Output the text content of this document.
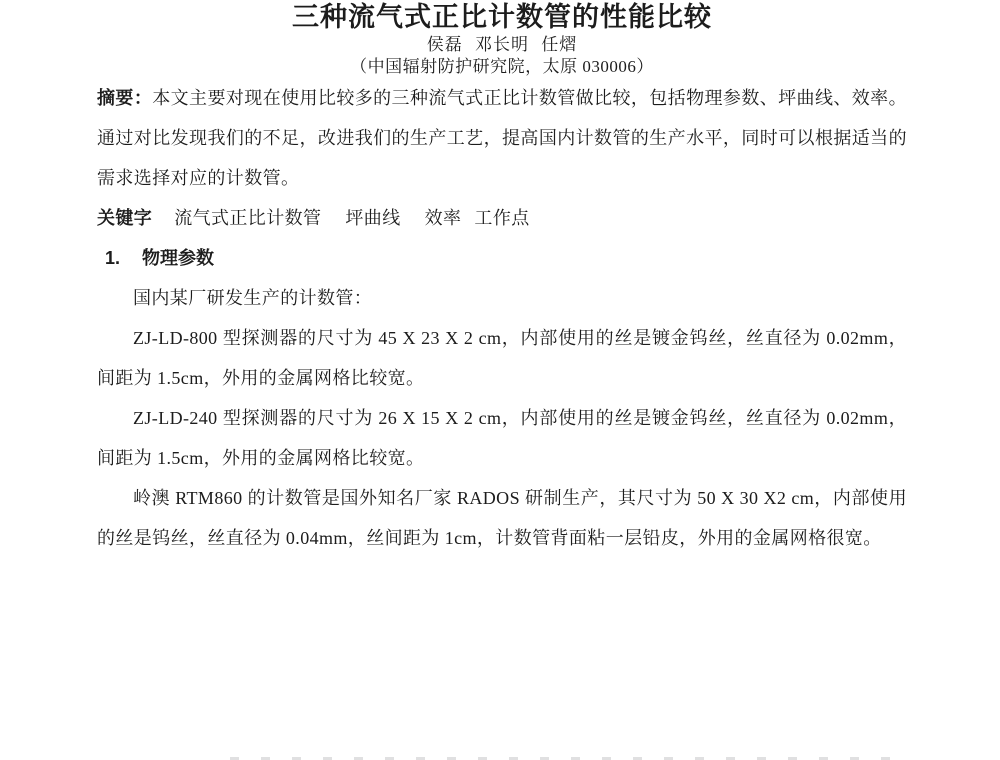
三种流气式正比计数管的性能比较
侯磊 邓长明 任熠
（中国辐射防护研究院，太原 030006）

摘要：本文主要对现在使用比较多的三种流气式正比计数管做比较，包括物理参数、坪曲线、效率。通过对比发现我们的不足，改进我们的生产工艺，提高国内计数管的生产水平，同时可以根据适当的需求选择对应的计数管。

关键字 流气式正比计数管 坪曲线 效率 工作点
1. 物理参数

国内某厂研发生产的计数管：

ZJ-LD-800 型探测器的尺寸为 45 X 23 X 2 cm，内部使用的丝是镀金钨丝，丝直径为 0.02mm，间距为 1.5cm，外用的金属网格比较宽。

ZJ-LD-240 型探测器的尺寸为 26 X 15 X 2 cm，内部使用的丝是镀金钨丝，丝直径为 0.02mm，间距为 1.5cm，外用的金属网格比较宽。

岭澳 RTM860 的计数管是国外知名厂家 RADOS 研制生产，其尺寸为 50 X 30 X2 cm，内部使用的丝是钨丝，丝直径为 0.04mm，丝间距为 1cm，计数管背面粘一层铅皮，外用的金属网格很宽。
